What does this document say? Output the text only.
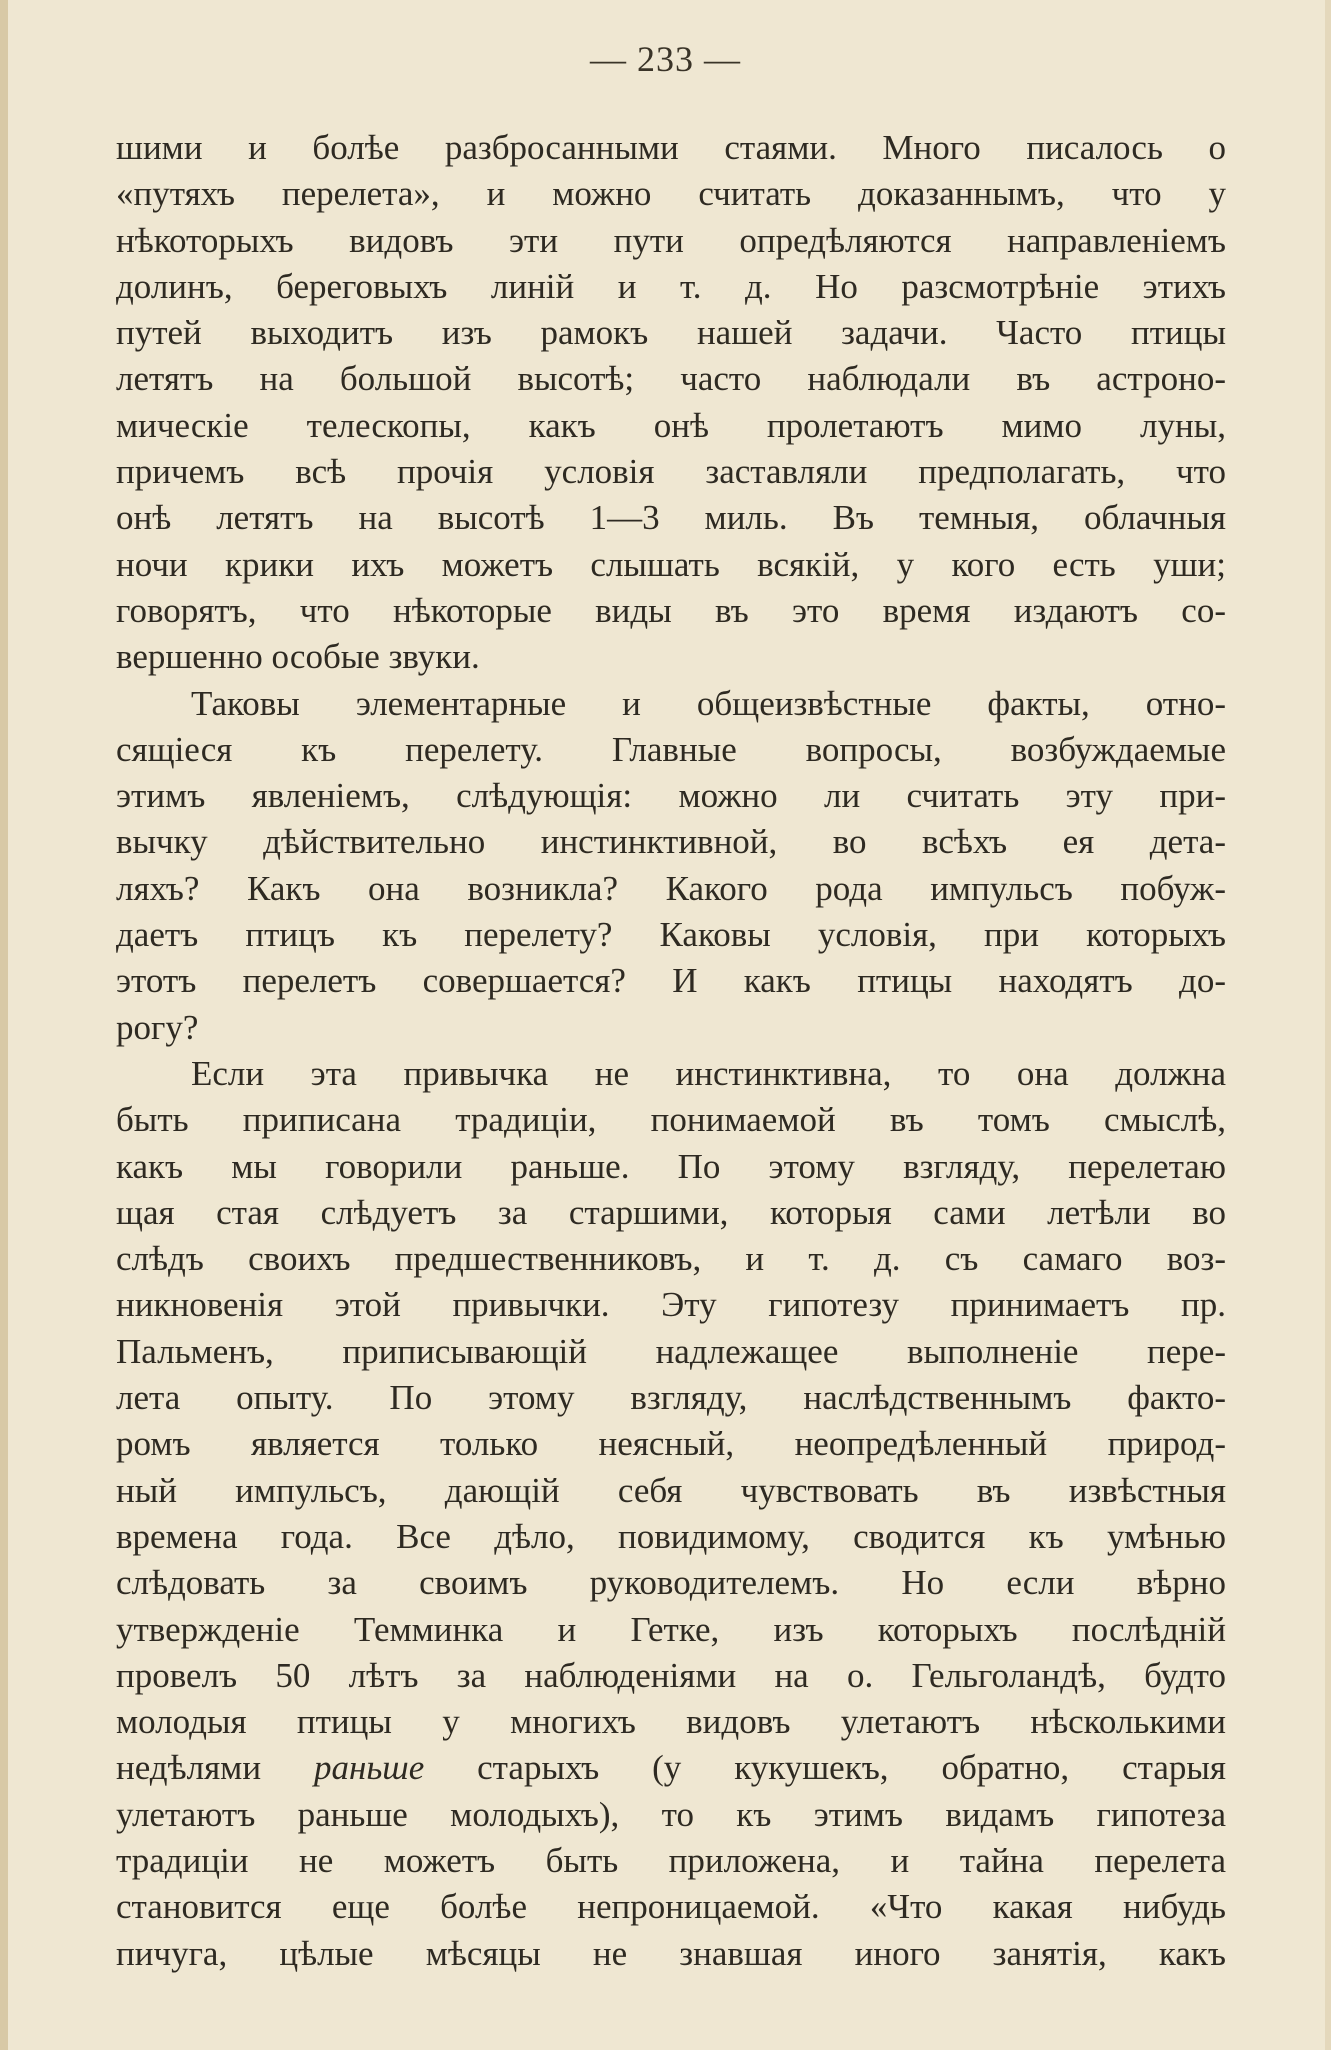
— 233 —
шими и болѣе разбросанными стаями. Много писалось о
«путяхъ перелета», и можно считать доказаннымъ, что у
нѣкоторыхъ видовъ эти пути опредѣляются направленіемъ
долинъ, береговыхъ линій и т. д. Но разсмотрѣніе этихъ
путей выходитъ изъ рамокъ нашей задачи. Часто птицы
летятъ на большой высотѣ; часто наблюдали въ астроно-
мическіе телескопы, какъ онѣ пролетаютъ мимо луны,
причемъ всѣ прочія условія заставляли предполагать, что
онѣ летятъ на высотѣ 1—3 миль. Въ темныя, облачныя
ночи крики ихъ можетъ слышать всякій, у кого есть уши;
говорятъ, что нѣкоторые виды въ это время издаютъ со-
вершенно особые звуки.
Таковы элементарные и общеизвѣстные факты, отно-
сящіеся къ перелету. Главные вопросы, возбуждаемые
этимъ явленіемъ, слѣдующія: можно ли считать эту при-
вычку дѣйствительно инстинктивной, во всѣхъ ея дета-
ляхъ? Какъ она возникла? Какого рода импульсъ побуж-
даетъ птицъ къ перелету? Каковы условія, при которыхъ
этотъ перелетъ совершается? И какъ птицы находятъ до-
рогу?
Если эта привычка не инстинктивна, то она должна
быть приписана традиціи, понимаемой въ томъ смыслѣ,
какъ мы говорили раньше. По этому взгляду, перелетаю
щая стая слѣдуетъ за старшими, которыя сами летѣли во
слѣдъ своихъ предшественниковъ, и т. д. съ самаго воз-
никновенія этой привычки. Эту гипотезу принимаетъ пр.
Пальменъ, приписывающій надлежащее выполненіе пере-
лета опыту. По этому взгляду, наслѣдственнымъ факто-
ромъ является только неясный, неопредѣленный природ-
ный импульсъ, дающій себя чувствовать въ извѣстныя
времена года. Все дѣло, повидимому, сводится къ умѣнью
слѣдовать за своимъ руководителемъ. Но если вѣрно
утвержденіе Темминка и Гетке, изъ которыхъ послѣдній
провелъ 50 лѣтъ за наблюденіями на о. Гельголандѣ, будто
молодыя птицы у многихъ видовъ улетаютъ нѣсколькими
недѣлями раньше старыхъ (у кукушекъ, обратно, старыя
улетаютъ раньше молодыхъ), то къ этимъ видамъ гипотеза
традиціи не можетъ быть приложена, и тайна перелета
становится еще болѣе непроницаемой. «Что какая нибудь
пичуга, цѣлые мѣсяцы не знавшая иного занятія, какъ
